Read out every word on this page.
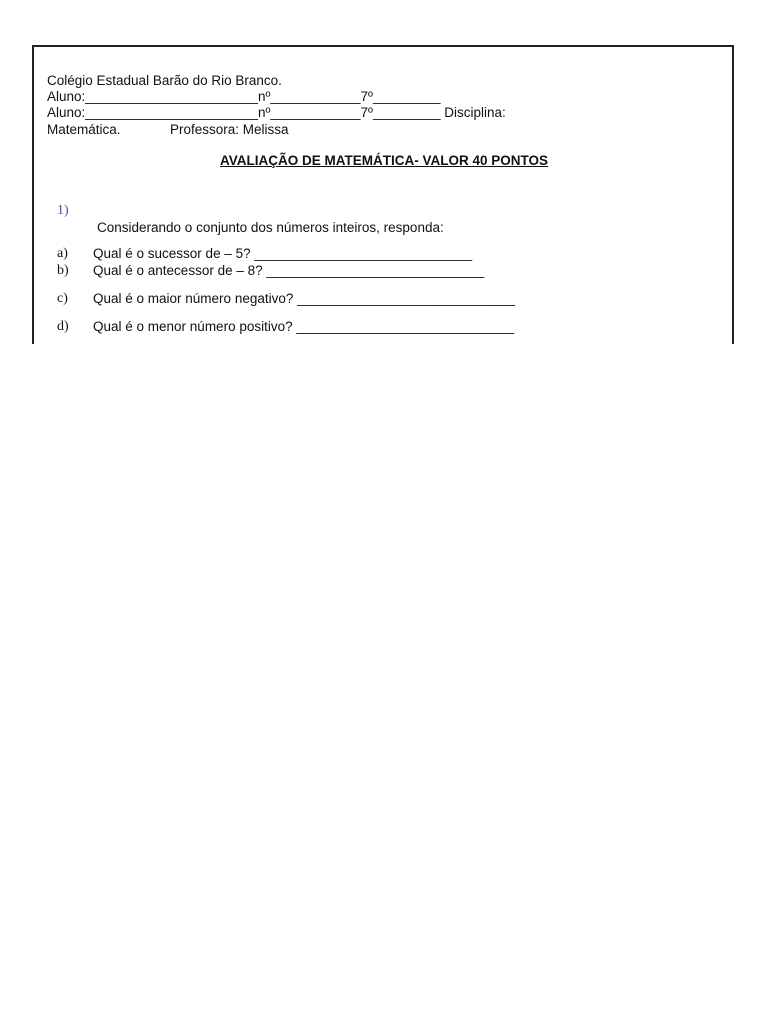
Colégio Estadual Barão do Rio Branco.
Aluno:_______________________nº____________7º_________
Aluno:_______________________nº____________7º_________ Disciplina:
Matemática.	Professora: Melissa
AVALIAÇÃO DE MATEMÁTICA- VALOR 40 PONTOS
1)
Considerando o conjunto dos números inteiros, responda:
a) Qual é o sucessor de – 5? _____________________________
b) Qual é o antecessor de – 8? _____________________________
c) Qual é o maior número negativo? _____________________________
d) Qual é o menor número positivo? _____________________________
